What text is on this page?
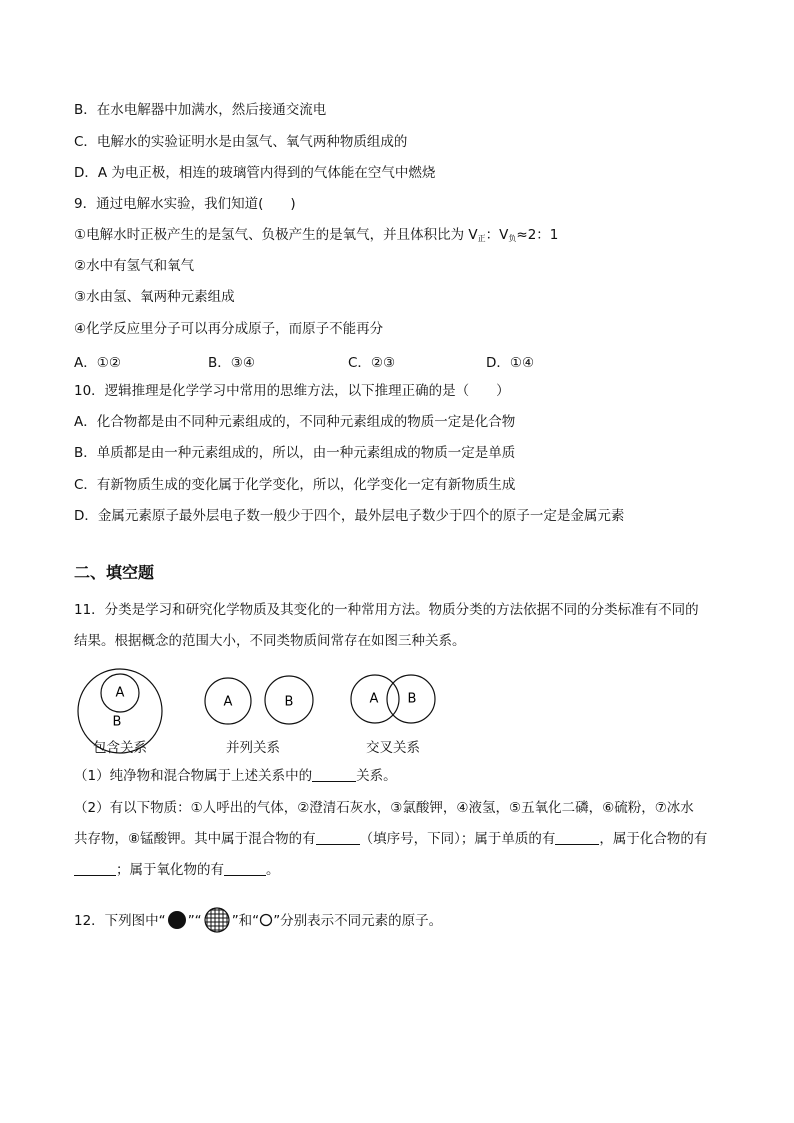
B．在水电解器中加满水，然后接通交流电
C．电解水的实验证明水是由氢气、氧气两种物质组成的
D．A 为电正极，相连的玻璃管内得到的气体能在空气中燃烧
9．通过电解水实验，我们知道(　　)
①电解水时正极产生的是氢气、负极产生的是氧气，并且体积比为 $V_正$：$V_负\approx 2$：1
②水中有氢气和氧气
③水由氢、氧两种元素组成
④化学反应里分子可以再分成原子，而原子不能再分
A．①②	B．③④	C．②③	D．①④
10．逻辑推理是化学学习中常用的思维方法，以下推理正确的是（　　）
A．化合物都是由不同种元素组成的，不同种元素组成的物质一定是化合物
B．单质都是由一种元素组成的，所以，由一种元素组成的物质一定是单质
C．有新物质生成的变化属于化学变化，所以，化学变化一定有新物质生成
D．金属元素原子最外层电子数一般少于四个，最外层电子数少于四个的原子一定是金属元素
二、填空题
11．分类是学习和研究化学物质及其变化的一种常用方法。物质分类的方法依据不同的分类标准有不同的
结果。根据概念的范围大小，不同类物质间常存在如图三种关系。
A
B
A	B	A B
包含关系	并列关系	交叉关系
（1）纯净物和混合物属于上述关系中的	关系。
（2）有以下物质：①人呼出的气体，②澄清石灰水，③氯酸钾，④液氢，⑤五氧化二磷，⑥硫粉，⑦冰水
共存物，⑧锰酸钾。其中属于混合物的有	（填序号，下同）；属于单质的有	，属于化合物的有
；属于氧化物的有	。
12．下列图中“ ”“ ”和“ ”分别表示不同元素的原子。
